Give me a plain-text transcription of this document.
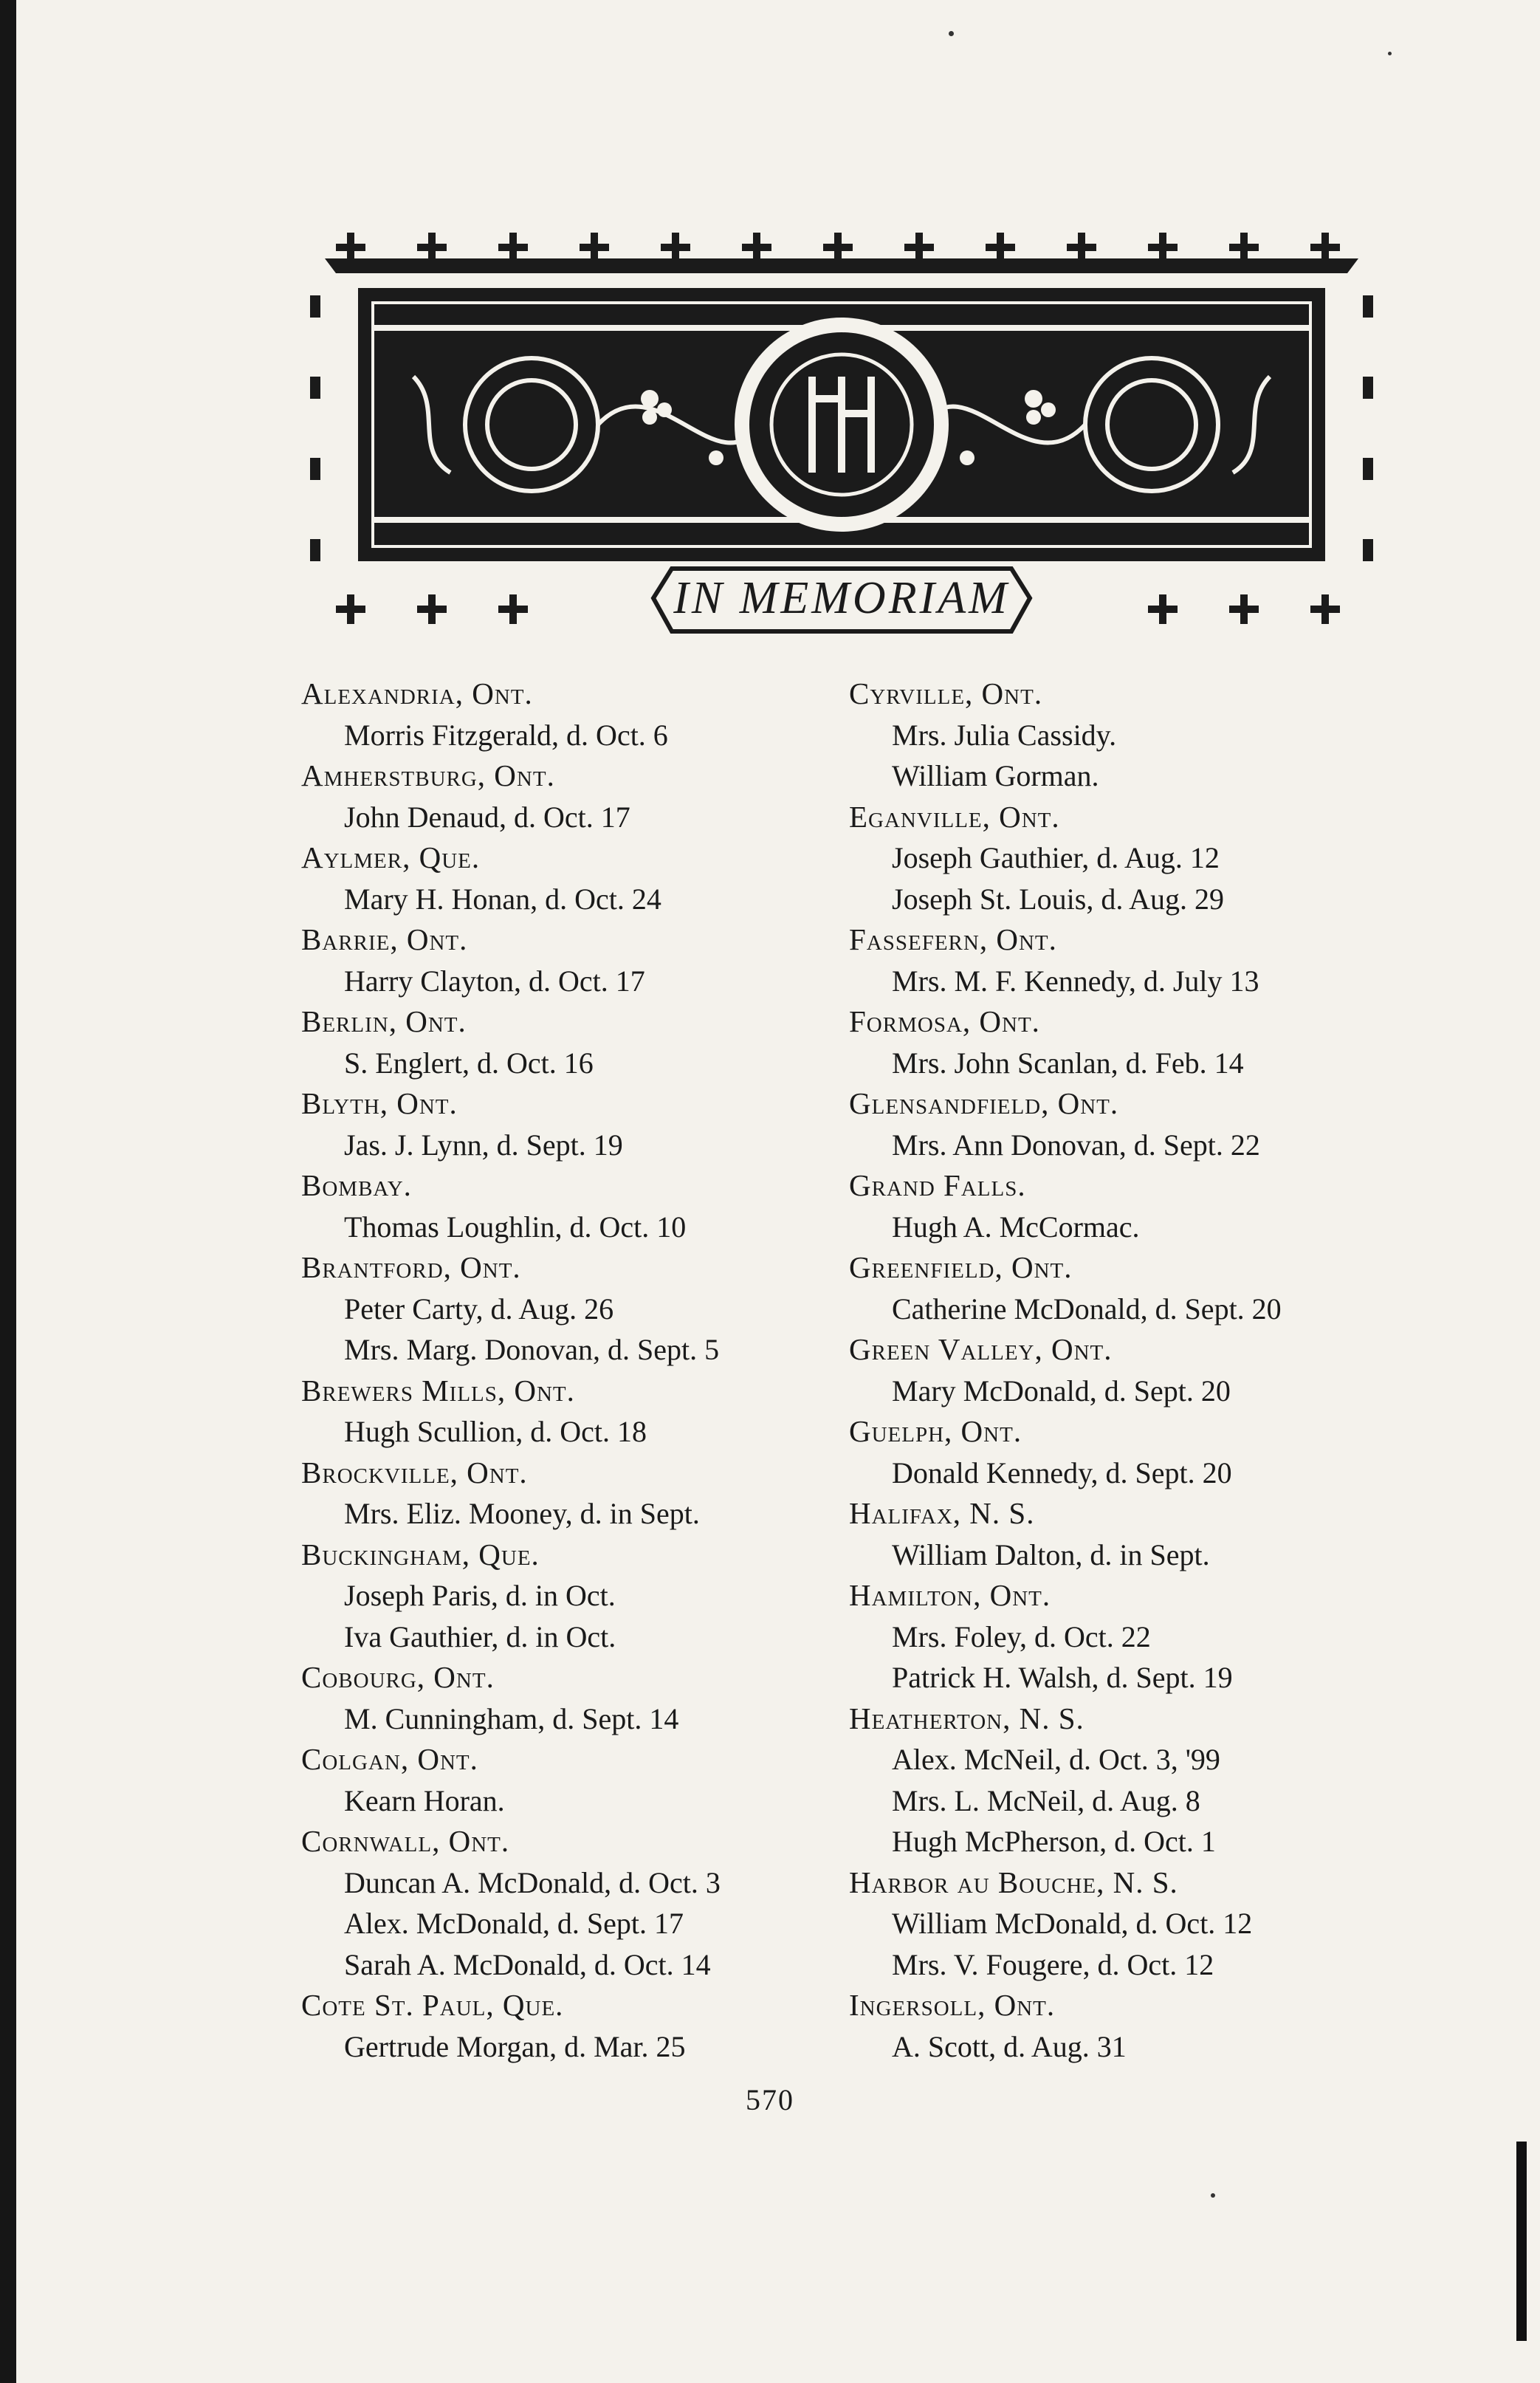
IN MEMORIAM
Alexandria, Ont.
Morris Fitzgerald, d. Oct. 6
Amherstburg, Ont.
John Denaud, d. Oct. 17
Aylmer, Que.
Mary H. Honan, d. Oct. 24
Barrie, Ont.
Harry Clayton, d. Oct. 17
Berlin, Ont.
S. Englert, d. Oct. 16
Blyth, Ont.
Jas. J. Lynn, d. Sept. 19
Bombay.
Thomas Loughlin, d. Oct. 10
Brantford, Ont.
Peter Carty, d. Aug. 26
Mrs. Marg. Donovan, d. Sept. 5
Brewers Mills, Ont.
Hugh Scullion, d. Oct. 18
Brockville, Ont.
Mrs. Eliz. Mooney, d. in Sept.
Buckingham, Que.
Joseph Paris, d. in Oct.
Iva Gauthier, d. in Oct.
Cobourg, Ont.
M. Cunningham, d. Sept. 14
Colgan, Ont.
Kearn Horan.
Cornwall, Ont.
Duncan A. McDonald, d. Oct. 3
Alex. McDonald, d. Sept. 17
Sarah A. McDonald, d. Oct. 14
Cote St. Paul, Que.
Gertrude Morgan, d. Mar. 25
Cyrville, Ont.
Mrs. Julia Cassidy.
William Gorman.
Eganville, Ont.
Joseph Gauthier, d. Aug. 12
Joseph St. Louis, d. Aug. 29
Fassefern, Ont.
Mrs. M. F. Kennedy, d. July 13
Formosa, Ont.
Mrs. John Scanlan, d. Feb. 14
Glensandfield, Ont.
Mrs. Ann Donovan, d. Sept. 22
Grand Falls.
Hugh A. McCormac.
Greenfield, Ont.
Catherine McDonald, d. Sept. 20
Green Valley, Ont.
Mary McDonald, d. Sept. 20
Guelph, Ont.
Donald Kennedy, d. Sept. 20
Halifax, N. S.
William Dalton, d. in Sept.
Hamilton, Ont.
Mrs. Foley, d. Oct. 22
Patrick H. Walsh, d. Sept. 19
Heatherton, N. S.
Alex. McNeil, d. Oct. 3, '99
Mrs. L. McNeil, d. Aug. 8
Hugh McPherson, d. Oct. 1
Harbor au Bouche, N. S.
William McDonald, d. Oct. 12
Mrs. V. Fougere, d. Oct. 12
Ingersoll, Ont.
A. Scott, d. Aug. 31
570
